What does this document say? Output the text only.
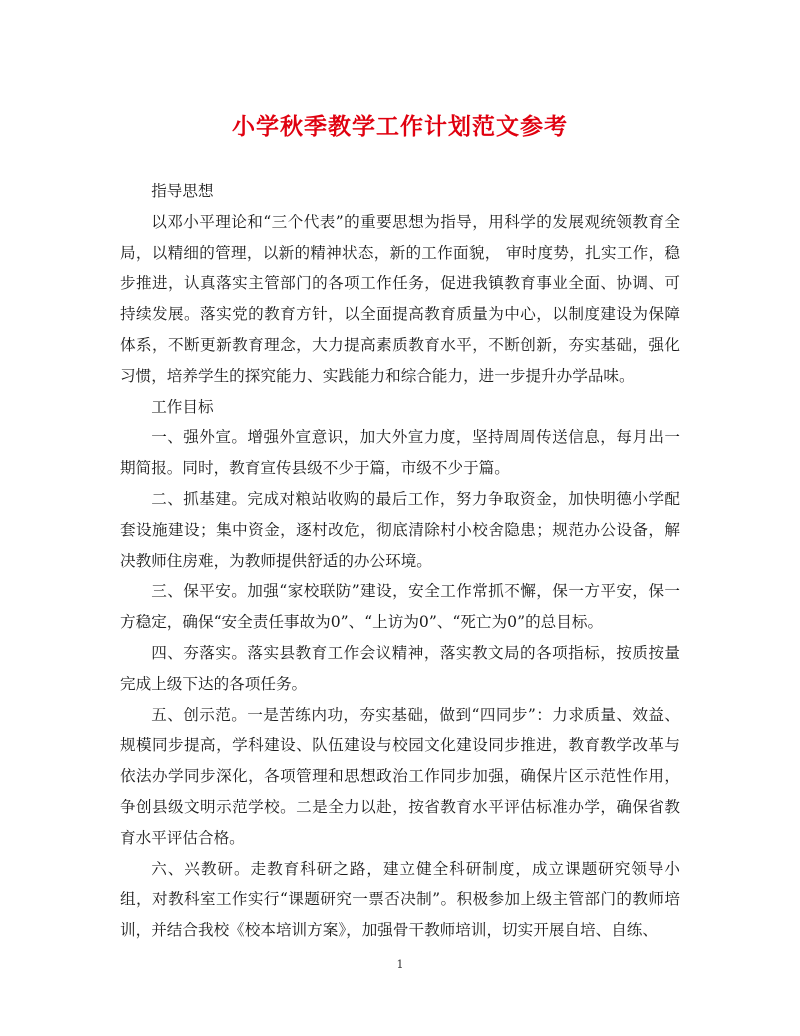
小学秋季教学工作计划范文参考

指导思想

以邓小平理论和“三个代表”的重要思想为指导，用科学的发展观统领教育全局，以精细的管理，以新的精神状态，新的工作面貌， 审时度势，扎实工作，稳步推进，认真落实主管部门的各项工作任务，促进我镇教育事业全面、协调、可持续发展。落实党的教育方针，以全面提高教育质量为中心，以制度建设为保障体系，不断更新教育理念，大力提高素质教育水平，不断创新，夯实基础，强化习惯，培养学生的探究能力、实践能力和综合能力，进一步提升办学品味。

工作目标

一、强外宣。增强外宣意识，加大外宣力度，坚持周周传送信息，每月出一期简报。同时，教育宣传县级不少于篇，市级不少于篇。

二、抓基建。完成对粮站收购的最后工作，努力争取资金，加快明德小学配套设施建设；集中资金，逐村改危，彻底清除村小校舍隐患；规范办公设备，解决教师住房难，为教师提供舒适的办公环境。

三、保平安。加强“家校联防”建设，安全工作常抓不懈，保一方平安，保一方稳定，确保“安全责任事故为0”、“上访为0”、“死亡为0”的总目标。

四、夯落实。落实县教育工作会议精神，落实教文局的各项指标，按质按量完成上级下达的各项任务。

五、创示范。一是苦练内功，夯实基础，做到“四同步”：力求质量、效益、规模同步提高，学科建设、队伍建设与校园文化建设同步推进，教育教学改革与依法办学同步深化，各项管理和思想政治工作同步加强，确保片区示范性作用，争创县级文明示范学校。二是全力以赴，按省教育水平评估标准办学，确保省教育水平评估合格。

六、兴教研。走教育科研之路，建立健全科研制度，成立课题研究领导小组，对教科室工作实行“课题研究一票否决制”。积极参加上级主管部门的教师培训，并结合我校《校本培训方案》，加强骨干教师培训，切实开展自培、自练、

1
